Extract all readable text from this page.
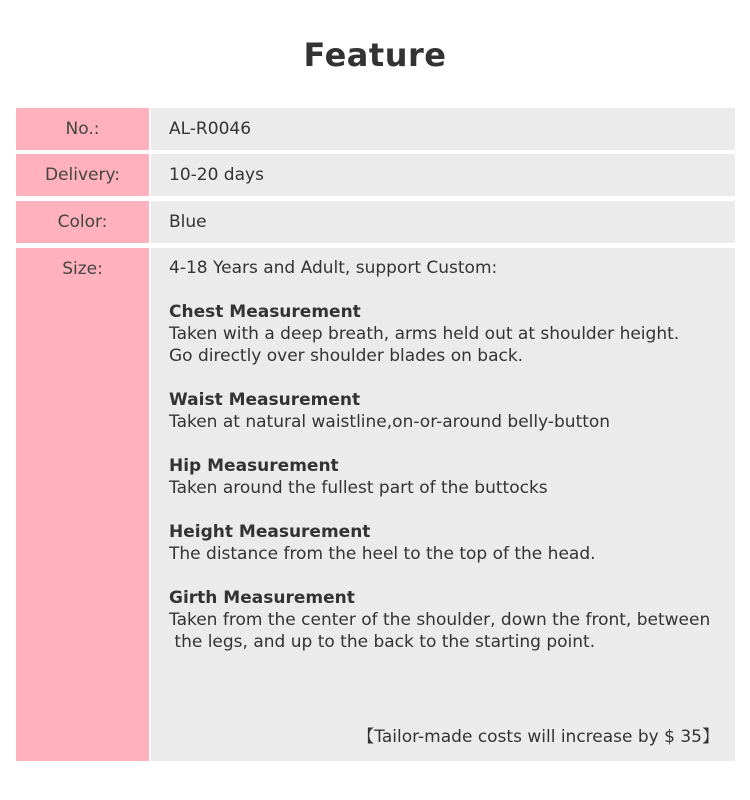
Feature
No.:	AL-R0046
Delivery:	10-20 days
Color:	Blue
Size:	4-18 Years and Adult, support Custom:
Chest Measurement
Taken with a deep breath, arms held out at shoulder height.
Go directly over shoulder blades on back.
Waist Measurement
Taken at natural waistline,on-or-around belly-button
Hip Measurement
Taken around the fullest part of the buttocks
Height Measurement
The distance from the heel to the top of the head.
Girth Measurement
Taken from the center of the shoulder, down the front, between
the legs, and up to the back to the starting point.
【Tailor-made costs will increase by $ 35】
